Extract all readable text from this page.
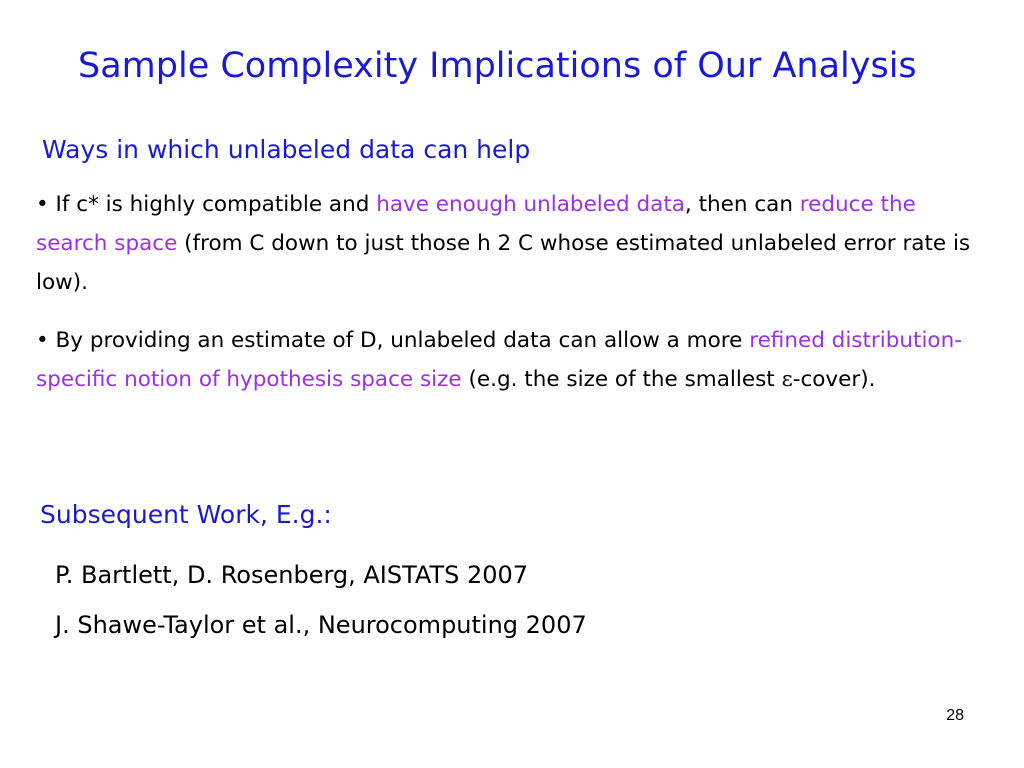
Sample Complexity Implications of Our Analysis
Ways in which unlabeled data can help
• If c* is highly compatible and have enough unlabeled data, then can reduce the search space (from C down to just those h 2 C whose estimated unlabeled error rate is low).
• By providing an estimate of D, unlabeled data can allow a more refined distribution-specific notion of hypothesis space size (e.g. the size of the smallest ε-cover).
Subsequent Work, E.g.:
P. Bartlett, D. Rosenberg, AISTATS 2007
J. Shawe-Taylor et al., Neurocomputing 2007
28
